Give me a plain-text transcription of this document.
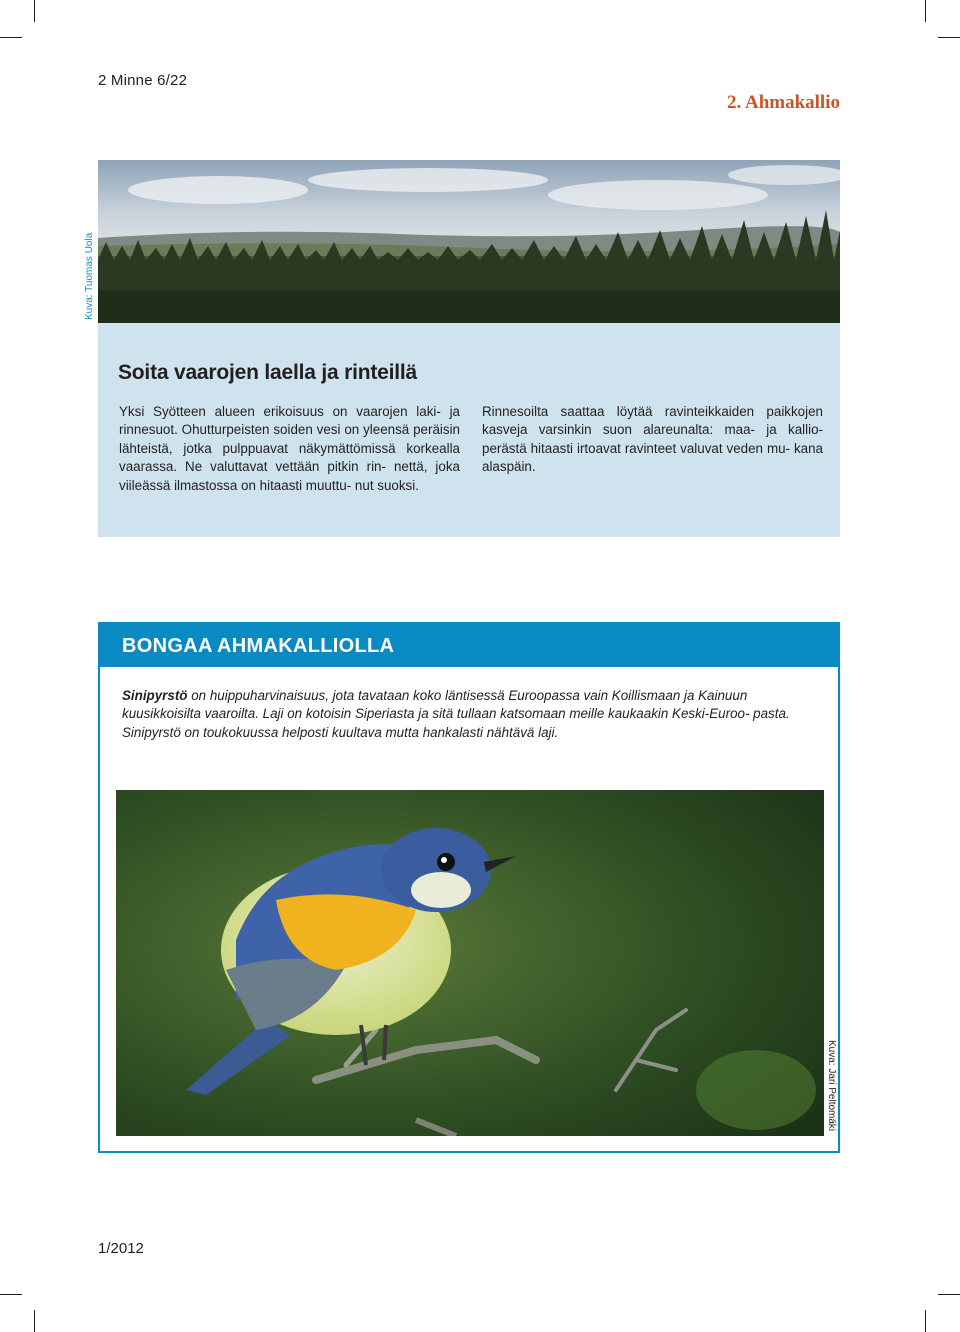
2 Minne 6/22
2. Ahmakallio
Kuva: Tuomas Uola
Soita vaarojen laella ja rinteillä
Yksi Syötteen alueen erikoisuus on vaarojen laki- ja rinnesuot. Ohutturpeisten soiden vesi on yleensä peräisin lähteistä, jotka pulppuavat näkymättömissä korkealla vaarassa. Ne valuttavat vettään pitkin rin- nettä, joka viileässä ilmastossa on hitaasti muuttu- nut suoksi.
Rinnesoilta saattaa löytää ravinteikkaiden paikkojen kasveja varsinkin suon alareunalta: maa- ja kallio- perästä hitaasti irtoavat ravinteet valuvat veden mu- kana alaspäin.
BONGAA AHMAKALLIOLLA
Sinipyrstö on huippuharvinaisuus, jota tavataan koko läntisessä Euroopassa vain Koillismaan ja Kainuun kuusikkoisilta vaaroilta. Laji on kotoisin Siperiasta ja sitä tullaan katsomaan meille kaukaakin Keski-Euroo- pasta. Sinipyrstö on toukokuussa helposti kuultava mutta hankalasti nähtävä laji.
Kuva: Jari Peltomäki
1/2012
